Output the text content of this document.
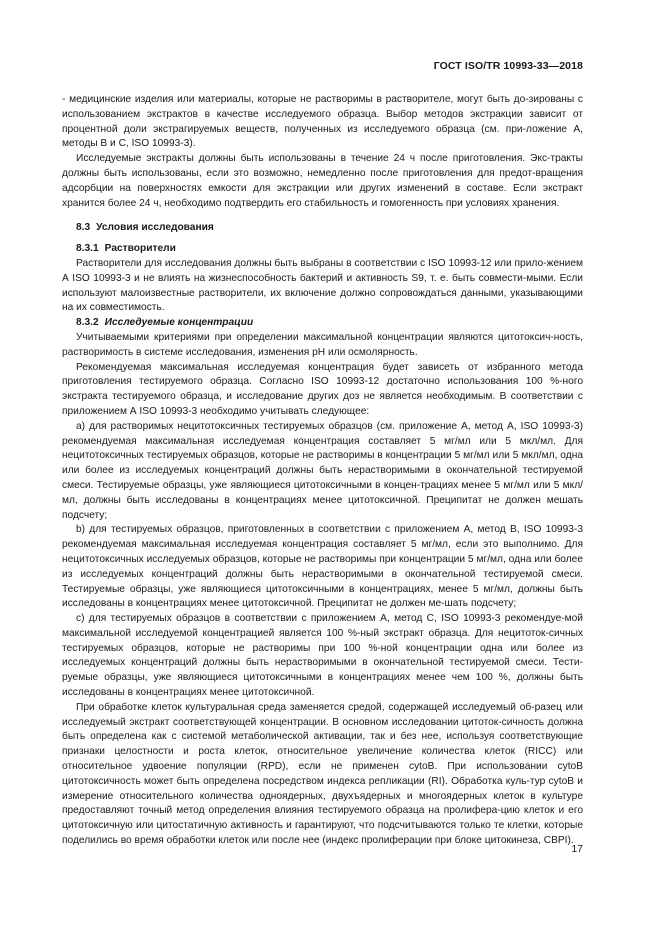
ГОСТ ISO/TR 10993-33—2018

- медицинские изделия или материалы, которые не растворимы в растворителе, могут быть до-зированы с использованием экстрактов в качестве исследуемого образца. Выбор методов экстракции зависит от процентной доли экстрагируемых веществ, полученных из исследуемого образца (см. при-ложение А, методы В и С, ISO 10993-3).

Исследуемые экстракты должны быть использованы в течение 24 ч после приготовления. Экс-тракты должны быть использованы, если это возможно, немедленно после приготовления для предот-вращения адсорбции на поверхностях емкости для экстракции или других изменений в составе. Если экстракт хранится более 24 ч, необходимо подтвердить его стабильность и гомогенность при условиях хранения.

8.3 Условия исследования
8.3.1 Растворители

Растворители для исследования должны быть выбраны в соответствии с ISO 10993-12 или прило-жением А ISO 10993-3 и не влиять на жизнеспособность бактерий и активность S9, т. е. быть совмести-мыми. Если используют малоизвестные растворители, их включение должно сопровождаться данными, указывающими на их совместимость.

8.3.2 Исследуемые концентрации

Учитываемыми критериями при определении максимальной концентрации являются цитотоксич-ность, растворимость в системе исследования, изменения рН или осмолярность.

Рекомендуемая максимальная исследуемая концентрация будет зависеть от избранного метода приготовления тестируемого образца. Согласно ISO 10993-12 достаточно использования 100 %-ного экстракта тестируемого образца, и исследование других доз не является необходимым. В соответствии с приложением А ISO 10993-3 необходимо учитывать следующее:

а) для растворимых нецитотоксичных тестируемых образцов (см. приложение А, метод А, ISO 10993-3) рекомендуемая максимальная исследуемая концентрация составляет 5 мг/мл или 5 мкл/мл. Для нецитотоксичных тестируемых образцов, которые не растворимы в концентрации 5 мг/мл или 5 мкл/мл, одна или более из исследуемых концентраций должны быть нерастворимыми в окончательной тестируемой смеси. Тестируемые образцы, уже являющиеся цитотоксичными в концен-трациях менее 5 мг/мл или 5 мкл/мл, должны быть исследованы в концентрациях менее цитотоксичной. Преципитат не должен мешать подсчету;

b) для тестируемых образцов, приготовленных в соответствии с приложением А, метод В, ISO 10993-3 рекомендуемая максимальная исследуемая концентрация составляет 5 мг/мл, если это выполнимо. Для нецитотоксичных исследуемых образцов, которые не растворимы при концентрации 5 мг/мл, одна или более из исследуемых концентраций должны быть нерастворимыми в окончательной тестируемой смеси. Тестируемые образцы, уже являющиеся цитотоксичными в концентрациях, менее 5 мг/мл, должны быть исследованы в концентрациях менее цитотоксичной. Преципитат не должен ме-шать подсчету;

с) для тестируемых образцов в соответствии с приложением А, метод С, ISO 10993-3 рекомендуе-мой максимальной исследуемой концентрацией является 100 %-ный экстракт образца. Для нецитоток-сичных тестируемых образцов, которые не растворимы при 100 %-ной концентрации одна или более из исследуемых концентраций должны быть нерастворимыми в окончательной тестируемой смеси. Тести-руемые образцы, уже являющиеся цитотоксичными в концентрациях менее чем 100 %, должны быть исследованы в концентрациях менее цитотоксичной.

При обработке клеток культуральная среда заменяется средой, содержащей исследуемый об-разец или исследуемый экстракт соответствующей концентрации. В основном исследовании цитоток-сичность должна быть определена как с системой метаболической активации, так и без нее, используя соответствующие признаки целостности и роста клеток, относительное увеличение количества клеток (RICC) или относительное удвоение популяции (RPD), если не применен cytoB. При использовании cytoB цитотоксичность может быть определена посредством индекса репликации (RI). Обработка куль-тур cytoB и измерение относительного количества одноядерных, двухъядерных и многоядерных клеток в культуре предоставляют точный метод определения влияния тестируемого образца на пролифера-цию клеток и его цитотоксичную или цитостатичную активность и гарантируют, что подсчитываются только те клетки, которые поделились во время обработки клеток или после нее (индекс пролиферации при блоке цитокинеза, CBPI).

17
